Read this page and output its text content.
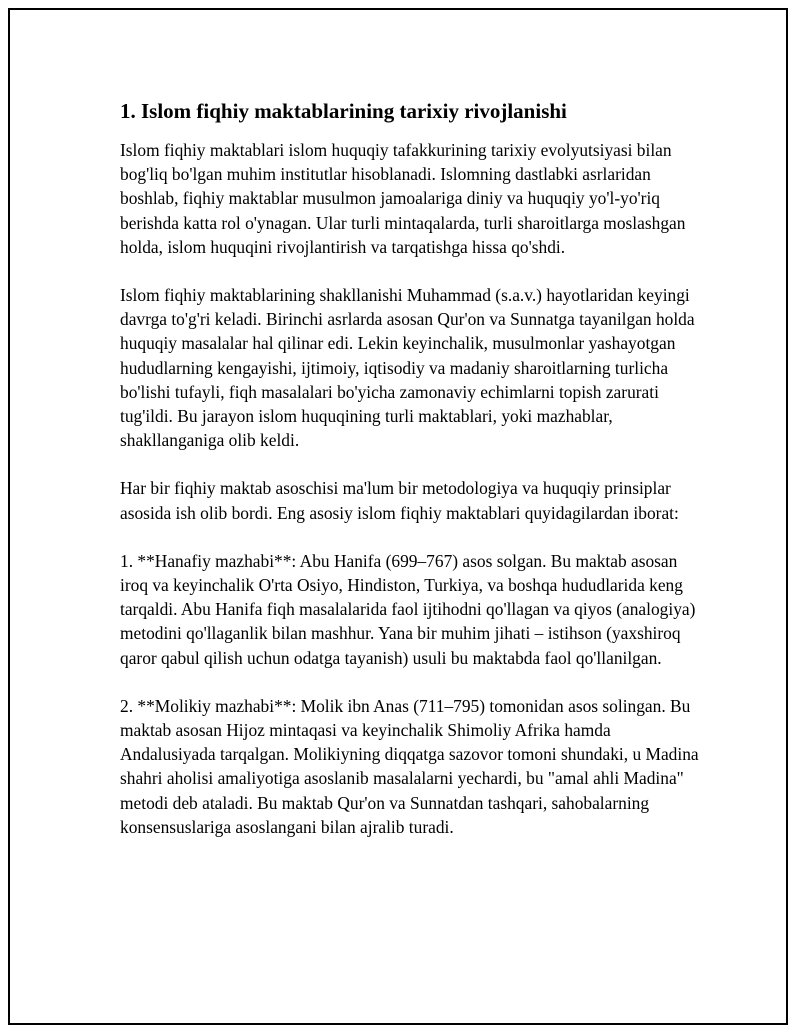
1. Islom fiqhiy maktablarining tarixiy rivojlanishi

Islom fiqhiy maktablari islom huquqiy tafakkurining tarixiy evolyutsiyasi bilan bog'liq bo'lgan muhim institutlar hisoblanadi. Islomning dastlabki asrlaridan boshlab, fiqhiy maktablar musulmon jamoalariga diniy va huquqiy yo'l-yo'riq berishda katta rol o'ynagan. Ular turli mintaqalarda, turli sharoitlarga moslashgan holda, islom huquqini rivojlantirish va tarqatishga hissa qo'shdi.

Islom fiqhiy maktablarining shakllanishi Muhammad (s.a.v.) hayotlaridan keyingi davrga to'g'ri keladi. Birinchi asrlarda asosan Qur'on va Sunnatga tayanilgan holda huquqiy masalalar hal qilinar edi. Lekin keyinchalik, musulmonlar yashayotgan hududlarning kengayishi, ijtimoiy, iqtisodiy va madaniy sharoitlarning turlicha bo'lishi tufayli, fiqh masalalari bo'yicha zamonaviy echimlarni topish zarurati tug'ildi. Bu jarayon islom huquqining turli maktablari, yoki mazhablar, shakllanganiga olib keldi.

Har bir fiqhiy maktab asoschisi ma'lum bir metodologiya va huquqiy prinsiplar asosida ish olib bordi. Eng asosiy islom fiqhiy maktablari quyidagilardan iborat:

1. **Hanafiy mazhabi**: Abu Hanifa (699–767) asos solgan. Bu maktab asosan iroq va keyinchalik O'rta Osiyo, Hindiston, Turkiya, va boshqa hududlarida keng tarqaldi. Abu Hanifa fiqh masalalarida faol ijtihodni qo'llagan va qiyos (analogiya) metodini qo'llaganlik bilan mashhur. Yana bir muhim jihati – istihson (yaxshiroq qaror qabul qilish uchun odatga tayanish) usuli bu maktabda faol qo'llanilgan.

2. **Molikiy mazhabi**: Molik ibn Anas (711–795) tomonidan asos solingan. Bu maktab asosan Hijoz mintaqasi va keyinchalik Shimoliy Afrika hamda Andalusiyada tarqalgan. Molikiyning diqqatga sazovor tomoni shundaki, u Madina shahri aholisi amaliyotiga asoslanib masalalarni yechardi, bu "amal ahli Madina" metodi deb ataladi. Bu maktab Qur'on va Sunnatdan tashqari, sahobalarning konsensuslariga asoslangani bilan ajralib turadi.
